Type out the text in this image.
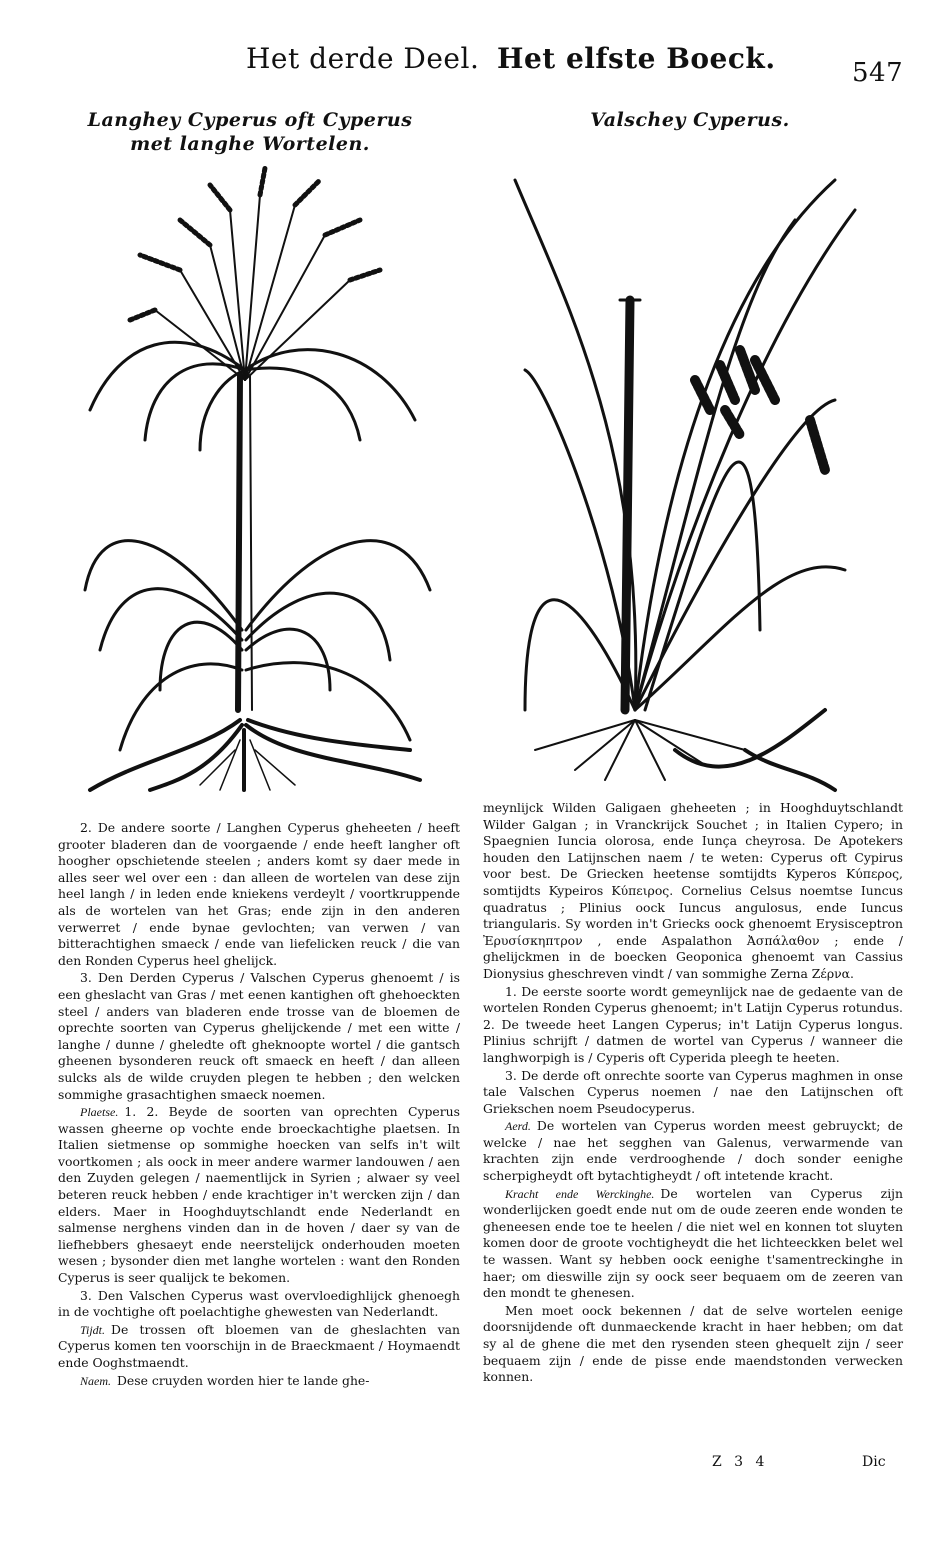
Het derde Deel. Het elfste Boeck.	547
Langhey Cyperus oft Cyperus
met langhe Wortelen.
Valschey Cyperus.

2. De andere soorte / Langhen Cyperus gheheeten / heeft grooter bladeren dan de voorgaende / ende heeft langher oft hoogher opschietende steelen ; anders komt sy daer mede in alles seer wel over een : dan alleen de wortelen van dese zijn heel langh / in leden ende kniekens verdeylt / voortkruppende als de wortelen van het Gras; ende zijn in den anderen verwerret / ende bynae gevlochten; van verwen / van bitterachtighen smaeck / ende van liefelicken reuck / die van den Ronden Cyperus heel ghelijck.

3. Den Derden Cyperus / Valschen Cyperus ghenoemt / is een gheslacht van Gras / met eenen kantighen oft ghehoeckten steel / anders van bladeren ende trosse van de bloemen de oprechte soorten van Cyperus ghelijckende / met een witte / langhe / dunne / gheledte oft gheknoopte wortel / die gantsch gheenen bysonderen reuck oft smaeck en heeft / dan alleen sulcks als de wilde cruyden plegen te hebben ; den welcken sommighe grasachtighen smaeck noemen.

Plaetse. 1. 2. Beyde de soorten van oprechten Cyperus wassen gheerne op vochte ende broeckachtighe plaetsen. In Italien sietmense op sommighe hoecken van selfs in't wilt voortkomen ; als oock in meer andere warmer landouwen / aen den Zuyden gelegen / naementlijck in Syrien ; alwaer sy veel beteren reuck hebben / ende krachtiger in't wercken zijn / dan elders. Maer in Hooghduytschlandt ende Nederlandt en salmense nerghens vinden dan in de hoven / daer sy van de liefhebbers ghesaeyt ende neerstelijck onderhouden moeten wesen ; bysonder dien met langhe wortelen : want den Ronden Cyperus is seer qualijck te bekomen.

3. Den Valschen Cyperus wast overvloedighlijck ghenoegh in de vochtighe oft poelachtighe ghewesten van Nederlandt.

Tijdt. De trossen oft bloemen van de gheslachten van Cyperus komen ten voorschijn in de Braeckmaent / Hoymaendt ende Ooghstmaendt.

Naem. Dese cruyden worden hier te lande ghe-

meynlijck Wilden Galigaen gheheeten ; in Hooghduytschlandt Wilder Galgan ; in Vranckrijck Souchet ; in Italien Cypero; in Spaegnien Iuncia olorosa, ende Iunça cheyrosa. De Apotekers houden den Latijnschen naem / te weten: Cyperus oft Cypirus voor best. De Griecken heetense somtijdts Kyperos Κύπερος, somtijdts Kypeiros Κύπειρος. Cornelius Celsus noemtse Iuncus quadratus ; Plinius oock Iuncus angulosus, ende Iuncus triangularis. Sy worden in't Griecks oock ghenoemt Erysisceptron Ἐρυσίσκηπτρον , ende Aspalathon Ἀσπάλαθον ; ende / ghelijckmen in de boecken Geoponica ghenoemt van Cassius Dionysius gheschreven vindt / van sommighe Zerna Ζέρνα.

1. De eerste soorte wordt gemeynlijck nae de gedaente van de wortelen Ronden Cyperus ghenoemt; in't Latijn Cyperus rotundus. 2. De tweede heet Langen Cyperus; in't Latijn Cyperus longus. Plinius schrijft / datmen de wortel van Cyperus / wanneer die langhworpigh is / Cyperis oft Cyperida pleegh te heeten.

3. De derde oft onrechte soorte van Cyperus maghmen in onse tale Valschen Cyperus noemen / nae den Latijnschen oft Griekschen noem Pseudocyperus.

Aerd. De wortelen van Cyperus worden meest gebruyckt; de welcke / nae het segghen van Galenus, verwarmende van krachten zijn ende verdrooghende / doch sonder eenighe scherpigheydt oft bytachtigheydt / oft intetende kracht.

Kracht ende Werckinghe. De wortelen van Cyperus zijn wonderlijcken goedt ende nut om de oude zeeren ende wonden te gheneesen ende toe te heelen / die niet wel en konnen tot sluyten komen door de groote vochtigheydt die het lichteeckken belet wel te wassen. Want sy hebben oock eenighe t'samentreckinghe in haer; om dieswille zijn sy oock seer bequaem om de zeeren van den mondt te ghenesen.

Men moet oock bekennen / dat de selve wortelen eenige doorsnijdende oft dunmaeckende kracht in haer hebben; om dat sy al de ghene die met den rysenden steen ghequelt zijn / seer bequaem zijn / ende de pisse ende maendstonden verwecken konnen.

Z 3 4	Dic
